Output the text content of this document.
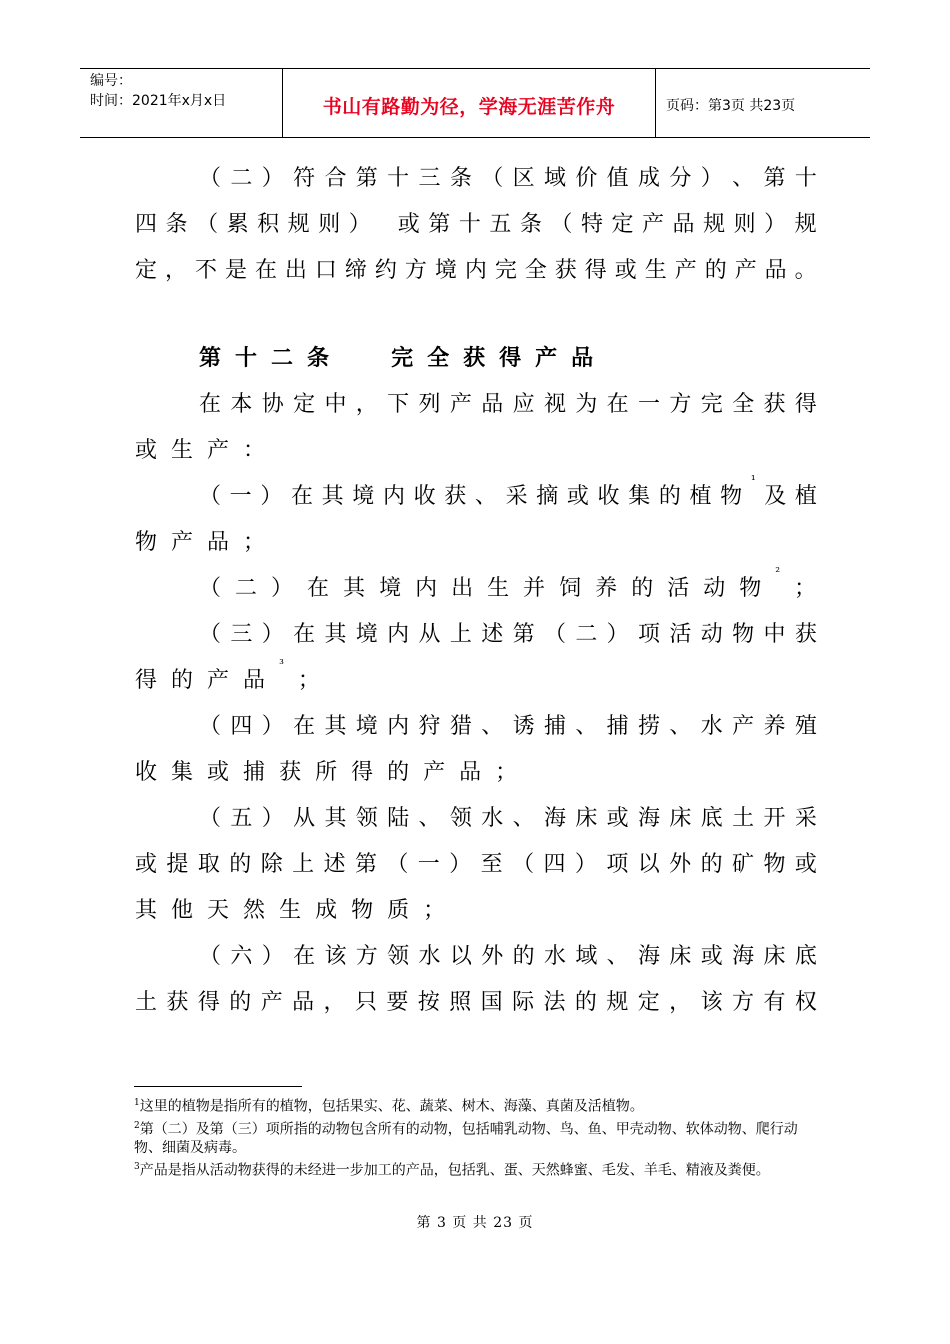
编号：
时间：2021年x月x日	书山有路勤为径，学海无涯苦作舟	页码：第3页 共23页
（ 二 ） 符 合 第 十 三 条 （ 区 域 价 值 成 分 ） 、 第 十
四 条 （ 累 积 规 则 ） 或 第 十 五 条 （ 特 定 产 品 规 则 ） 规
定 ， 不 是 在 出 口 缔 约 方 境 内 完 全 获 得 或 生 产 的 产 品 。
第 十 二 条	完 全 获 得 产 品
在 本 协 定 中 ， 下 列 产 品 应 视 为 在 一 方 完 全 获 得
或 生 产 ：
（ 一 ） 在 其 境 内 收 获 、 采 摘 或 收 集 的 植 物
¹
及 植
物 产 品 ；
（ 二 ） 在 其 境 内 出 生 并 饲 养 的 活 动 物
²
；
（ 三 ） 在 其 境 内 从 上 述 第 （ 二 ） 项 活 动 物 中 获
得 的 产 品
³
；
（ 四 ） 在 其 境 内 狩 猎 、 诱 捕 、 捕 捞 、 水 产 养 殖
收 集 或 捕 获 所 得 的 产 品 ；
（ 五 ） 从 其 领 陆 、 领 水 、 海 床 或 海 床 底 土 开 采
或 提 取 的 除 上 述 第 （ 一 ） 至 （ 四 ） 项 以 外 的 矿 物 或
其 他 天 然 生 成 物 质 ；
（ 六 ） 在 该 方 领 水 以 外 的 水 域 、 海 床 或 海 床 底
土 获 得 的 产 品 ， 只 要 按 照 国 际 法 的 规 定 ， 该 方 有 权

$^1$这里的植物是指所有的植物，包括果实、花、蔬菜、树木、海藻、真菌及活植物。

$^2$第（二）及第（三）项所指的动物包含所有的动物，包括哺乳动物、鸟、鱼、甲壳动物、软体动物、爬行动物、细菌及病毒。

$^3$产品是指从活动物获得的未经进一步加工的产品，包括乳、蛋、天然蜂蜜、毛发、羊毛、精液及粪便。

第 3 页 共 23 页
